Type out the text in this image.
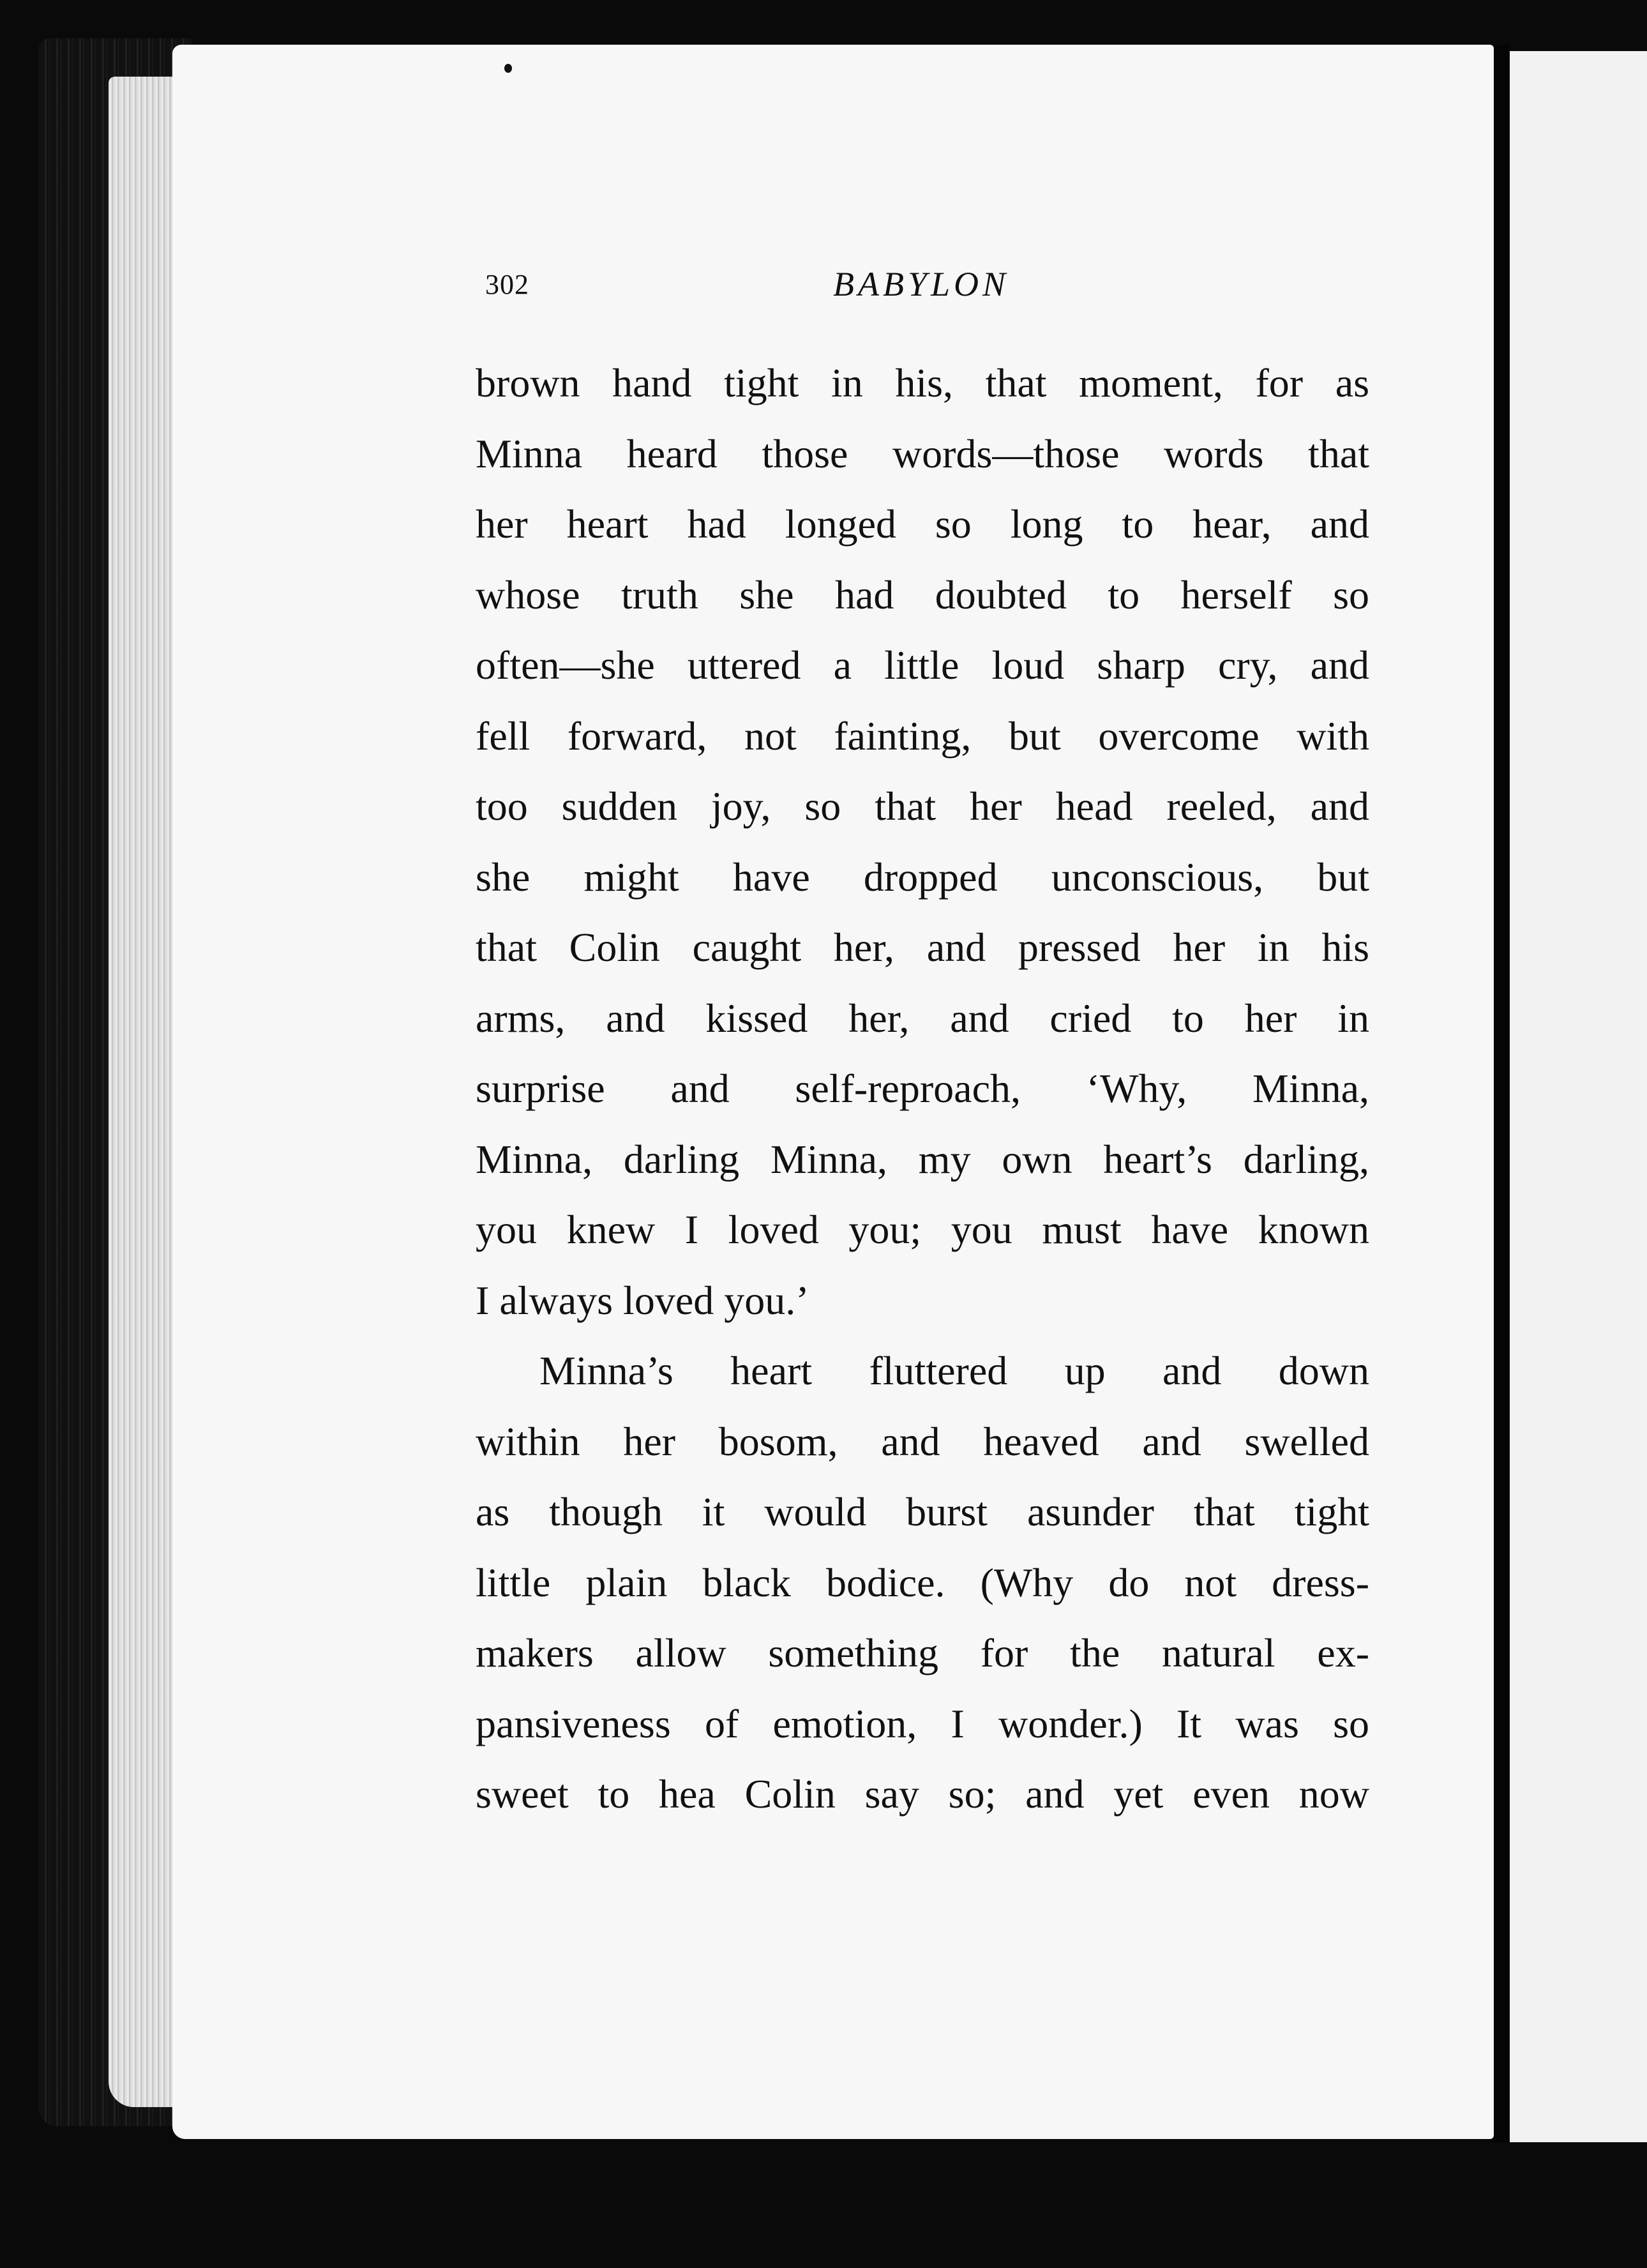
302	BABYLON
brown hand tight in his, that moment, for as
Minna heard those words—those words that
her heart had longed so long to hear, and
whose truth she had doubted to herself so
often—she uttered a little loud sharp cry, and
fell forward, not fainting, but overcome with
too sudden joy, so that her head reeled, and
she might have dropped unconscious, but
that Colin caught her, and pressed her in his
arms, and kissed her, and cried to her in
surprise and self-reproach, ‘Why, Minna,
Minna, darling Minna, my own heart’s darling,
you knew I loved you; you must have known
I always loved you.’
Minna’s heart fluttered up and down
within her bosom, and heaved and swelled
as though it would burst asunder that tight
little plain black bodice. (Why do not dress-
makers allow something for the natural ex-
pansiveness of emotion, I wonder.) It was so
sweet to hea Colin say so; and yet even now
